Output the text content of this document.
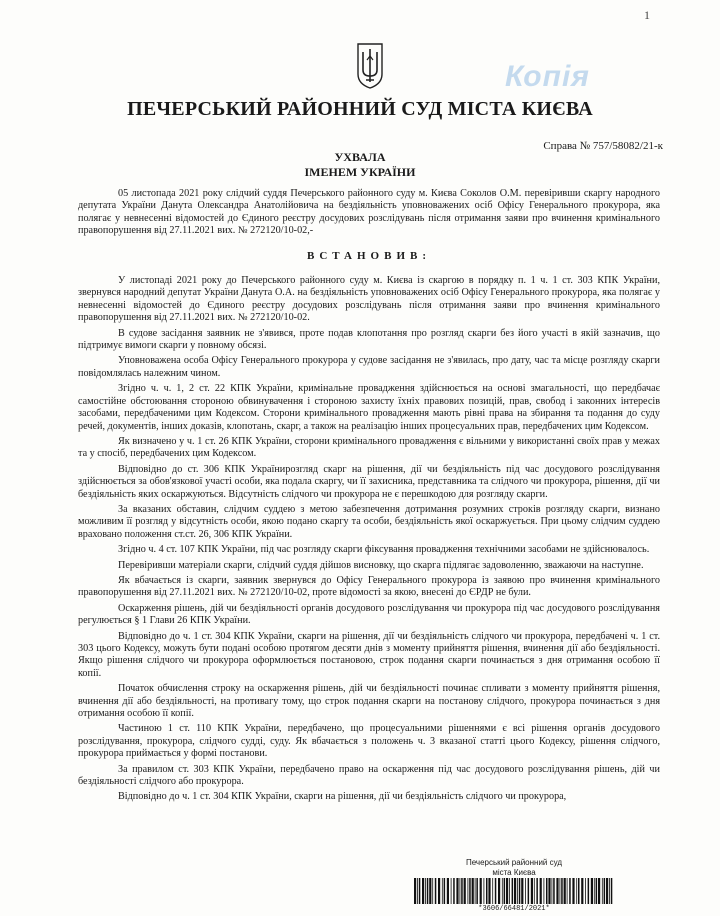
1
Копія
ПЕЧЕРСЬКИЙ РАЙОННИЙ СУД МІСТА КИЄВА
Справа № 757/58082/21-к
УХВАЛА
ІМЕНЕМ УКРАЇНИ

05 листопада 2021 року слідчий суддя Печерського районного суду м. Києва Соколов О.М. перевіривши скаргу народного депутата України Данута Олександра Анатолійовича на бездіяльність уповноважених осіб Офісу Генерального прокурора, яка полягає у невнесенні відомостей до Єдиного реєстру досудових розслідувань після отримання заяви про вчинення кримінального правопорушення від 27.11.2021 вих. № 272120/10-02,-

ВСТАНОВИВ:

У листопаді 2021 року до Печерського районного суду м. Києва із скаргою в порядку п. 1 ч. 1 ст. 303 КПК України, звернувся народний депутат України Данута О.А. на бездіяльність уповноважених осіб Офісу Генерального прокурора, яка полягає у невнесенні відомостей до Єдиного реєстру досудових розслідувань після отримання заяви про вчинення кримінального правопорушення від 27.11.2021 вих. № 272120/10-02.

В судове засідання заявник не з'явився, проте подав клопотання про розгляд скарги без його участі в якій зазначив, що підтримує вимоги скарги у повному обсязі.

Уповноважена особа Офісу Генерального прокурора у судове засідання не з'явилась, про дату, час та місце розгляду скарги повідомлялась належним чином.

Згідно ч. ч. 1, 2 ст. 22 КПК України, кримінальне провадження здійснюється на основі змагальності, що передбачає самостійне обстоювання стороною обвинувачення і стороною захисту їхніх правових позицій, прав, свобод і законних інтересів засобами, передбаченими цим Кодексом. Сторони кримінального провадження мають рівні права на збирання та подання до суду речей, документів, інших доказів, клопотань, скарг, а також на реалізацію інших процесуальних прав, передбачених цим Кодексом.

Як визначено у ч. 1 ст. 26 КПК України, сторони кримінального провадження є вільними у використанні своїх прав у межах та у спосіб, передбачених цим Кодексом.

Відповідно до ст. 306 КПК Українирозгляд скарг на рішення, дії чи бездіяльність під час досудового розслідування здійснюється за обов'язкової участі особи, яка подала скаргу, чи її захисника, представника та слідчого чи прокурора, рішення, дії чи бездіяльність яких оскаржуються. Відсутність слідчого чи прокурора не є перешкодою для розгляду скарги.

За вказаних обставин, слідчим суддею з метою забезпечення дотримання розумних строків розгляду скарги, визнано можливим її розгляд у відсутність особи, якою подано скаргу та особи, бездіяльність якої оскаржується. При цьому слідчим суддею враховано положення ст.ст. 26, 306 КПК України.

Згідно ч. 4 ст. 107 КПК України, під час розгляду скарги фіксування провадження технічними засобами не здійснювалось.

Перевіривши матеріали скарги, слідчий суддя дійшов висновку, що скарга підлягає задоволенню, зважаючи на наступне.

Як вбачається із скарги, заявник звернувся до Офісу Генерального прокурора із заявою про вчинення кримінального правопорушення від 27.11.2021 вих. № 272120/10-02, проте відомості за якою, внесені до ЄРДР не були.

Оскарження рішень, дій чи бездіяльності органів досудового розслідування чи прокурора під час досудового розслідування регулюється § 1 Глави 26 КПК України.

Відповідно до ч. 1 ст. 304 КПК України, скарги на рішення, дії чи бездіяльність слідчого чи прокурора, передбачені ч. 1 ст. 303 цього Кодексу, можуть бути подані особою протягом десяти днів з моменту прийняття рішення, вчинення дії або бездіяльності. Якщо рішення слідчого чи прокурора оформлюється постановою, строк подання скарги починається з дня отримання особою її копії.

Початок обчислення строку на оскарження рішень, дій чи бездіяльності починає спливати з моменту прийняття рішення, вчинення дії або бездіяльності, на противагу тому, що строк подання скарги на постанову слідчого, прокурора починається з дня отримання особою її копії.

Частиною 1 ст. 110 КПК України, передбачено, що процесуальними рішеннями є всі рішення органів досудового розслідування, прокурора, слідчого судді, суду. Як вбачається з положень ч. 3 вказаної статті цього Кодексу, рішення слідчого, прокурора приймається у формі постанови.

За правилом ст. 303 КПК України, передбачено право на оскарження під час досудового розслідування рішень, дій чи бездіяльності слідчого або прокурора.

Відповідно до ч. 1 ст. 304 КПК України, скарги на рішення, дії чи бездіяльність слідчого чи прокурора,

Печерський районний суд
міста Києва
*3606/66481/2021*
